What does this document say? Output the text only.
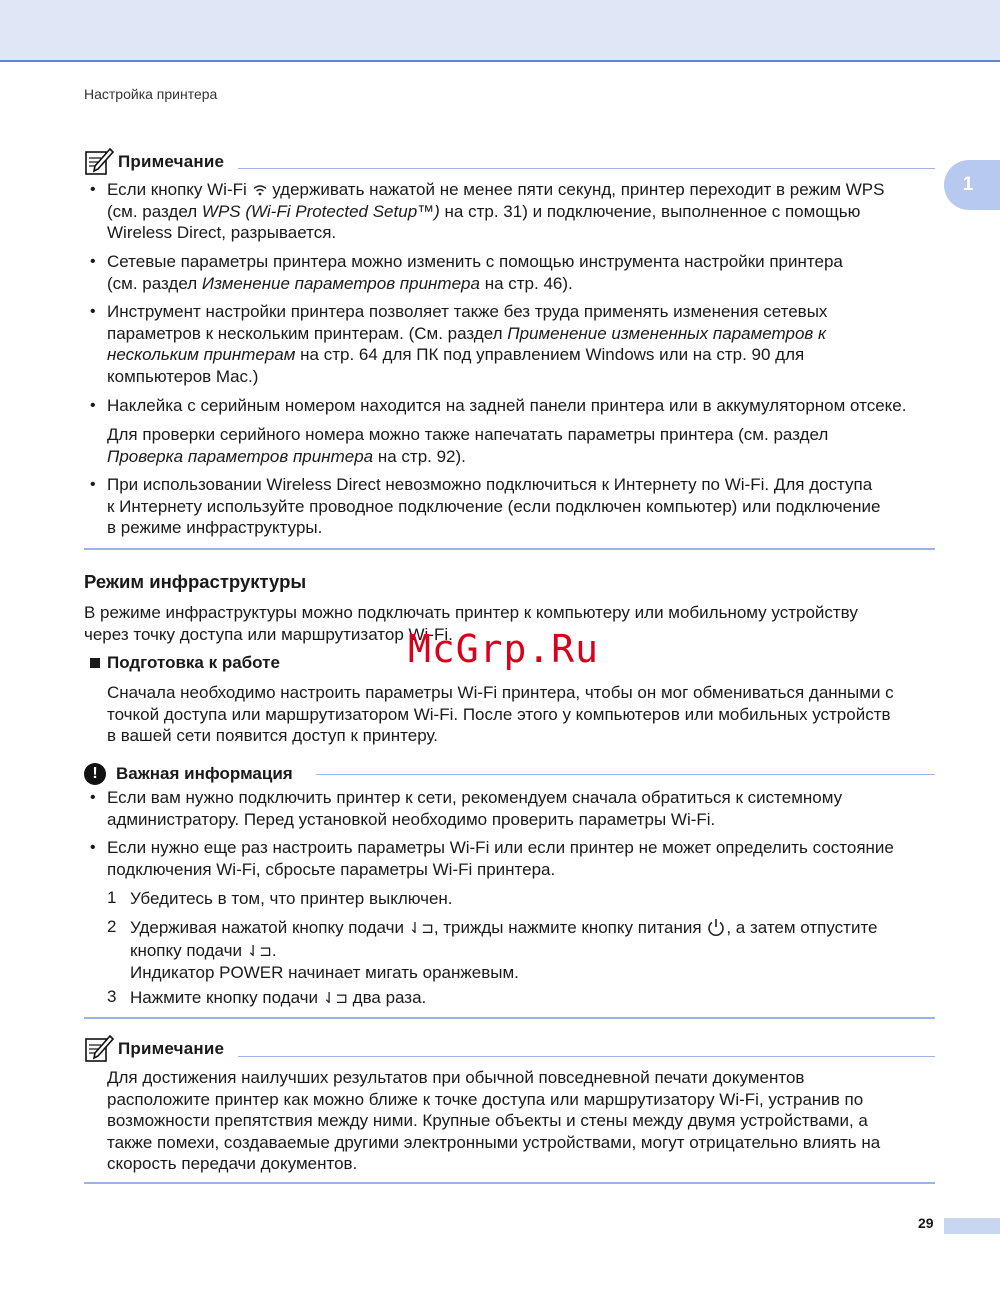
Настройка принтера
1
Примечание
• Если кнопку Wi-Fi удерживать нажатой не менее пяти секунд, принтер переходит в режим WPS
(см. раздел WPS (Wi-Fi Protected Setup™) на стр. 31) и подключение, выполненное с помощью
Wireless Direct, разрывается.
• Сетевые параметры принтера можно изменить с помощью инструмента настройки принтера
(см. раздел Изменение параметров принтера на стр. 46).
• Инструмент настройки принтера позволяет также без труда применять изменения сетевых
параметров к нескольким принтерам. (См. раздел Применение измененных параметров к
нескольким принтерам на стр. 64 для ПК под управлением Windows или на стр. 90 для
компьютеров Mac.)
• Наклейка с серийным номером находится на задней панели принтера или в аккумуляторном отсеке.
Для проверки серийного номера можно также напечатать параметры принтера (см. раздел
Проверка параметров принтера на стр. 92).
• При использовании Wireless Direct невозможно подключиться к Интернету по Wi-Fi. Для доступа
к Интернету используйте проводное подключение (если подключен компьютер) или подключение
в режиме инфраструктуры.
Режим инфраструктуры
В режиме инфраструктуры можно подключать принтер к компьютеру или мобильному устройству
через точку доступа или маршрутизатор Wi-Fi.
Подготовка к работе
Сначала необходимо настроить параметры Wi-Fi принтера, чтобы он мог обмениваться данными с
точкой доступа или маршрутизатором Wi-Fi. После этого у компьютеров или мобильных устройств
в вашей сети появится доступ к принтеру.
McGrp.Ru
!	Важная информация
• Если вам нужно подключить принтер к сети, рекомендуем сначала обратиться к системному
администратору. Перед установкой необходимо проверить параметры Wi-Fi.
• Если нужно еще раз настроить параметры Wi-Fi или если принтер не может определить состояние
подключения Wi-Fi, сбросьте параметры Wi-Fi принтера.
1 Убедитесь в том, что принтер выключен.
2 Удерживая нажатой кнопку подачи ⇃⊐, трижды нажмите кнопку питания , а затем отпустите
кнопку подачи ⇃⊐.
Индикатор POWER начинает мигать оранжевым.
3 Нажмите кнопку подачи ⇃⊐ два раза.
Примечание
Для достижения наилучших результатов при обычной повседневной печати документов
расположите принтер как можно ближе к точке доступа или маршрутизатору Wi-Fi, устранив по
возможности препятствия между ними. Крупные объекты и стены между двумя устройствами, а
также помехи, создаваемые другими электронными устройствами, могут отрицательно влиять на
скорость передачи документов.
29
